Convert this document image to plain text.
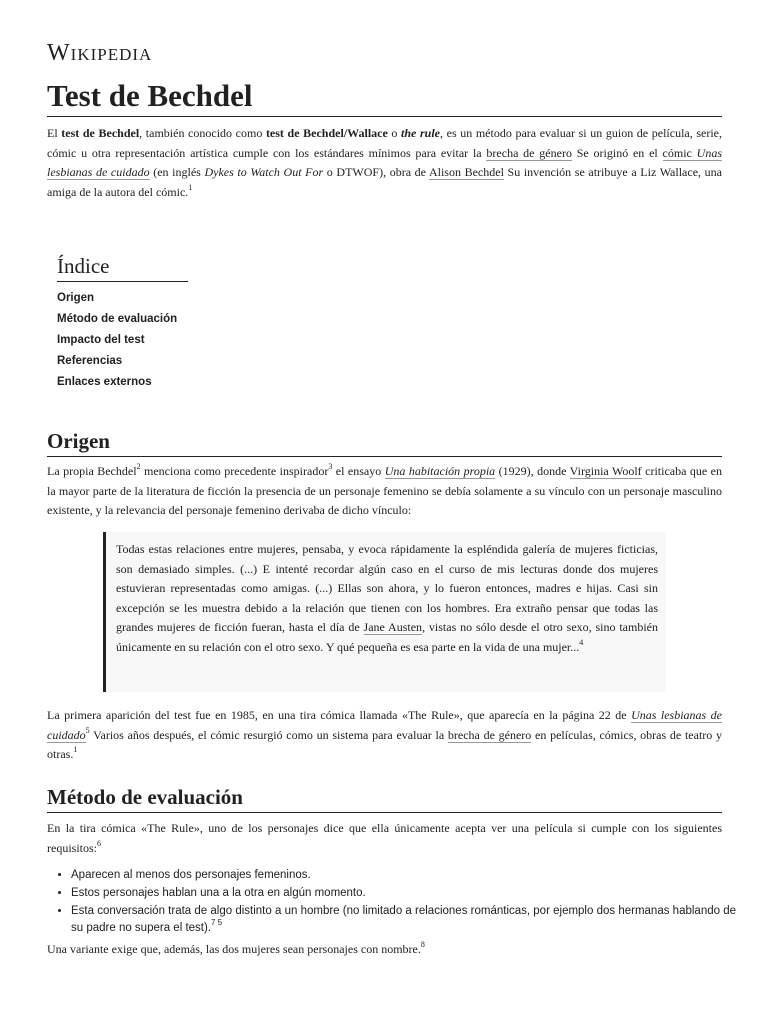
Wikipedia
Test de Bechdel

El test de Bechdel, también conocido como test de Bechdel/Wallace o the rule, es un método para evaluar si un guion de película, serie, cómic u otra representación artística cumple con los estándares mínimos para evitar la brecha de género Se originó en el cómic Unas lesbianas de cuidado (en inglés Dykes to Watch Out For o DTWOF), obra de Alison Bechdel Su invención se atribuye a Liz Wallace, una amiga de la autora del cómic.$^1$

Índice
Origen
Método de evaluación
Impacto del test
Referencias
Enlaces externos
Origen

La propia Bechdel$^2$ menciona como precedente inspirador$^3$ el ensayo Una habitación propia (1929), donde Virginia Woolf criticaba que en la mayor parte de la literatura de ficción la presencia de un personaje femenino se debía solamente a su vínculo con un personaje masculino existente, y la relevancia del personaje femenino derivaba de dicho vínculo:

Todas estas relaciones entre mujeres, pensaba, y evoca rápidamente la espléndida galería de mujeres ficticias, son demasiado simples. (...) E intenté recordar algún caso en el curso de mis lecturas donde dos mujeres estuvieran representadas como amigas. (...) Ellas son ahora, y lo fueron entonces, madres e hijas. Casi sin excepción se les muestra debido a la relación que tienen con los hombres. Era extraño pensar que todas las grandes mujeres de ficción fueran, hasta el día de Jane Austen, vistas no sólo desde el otro sexo, sino también únicamente en su relación con el otro sexo. Y qué pequeña es esa parte en la vida de una mujer...$^4$

La primera aparición del test fue en 1985, en una tira cómica llamada «The Rule», que aparecía en la página 22 de Unas lesbianas de cuidado$^5$ Varios años después, el cómic resurgió como un sistema para evaluar la brecha de género en películas, cómics, obras de teatro y otras.$^1$

Método de evaluación

En la tira cómica «The Rule», uno de los personajes dice que ella únicamente acepta ver una película si cumple con los siguientes requisitos:$^6$

• Aparecen al menos dos personajes femeninos.
• Estos personajes hablan una a la otra en algún momento.
• Esta conversación trata de algo distinto a un hombre (no limitado a relaciones románticas, por ejemplo dos hermanas hablando de su padre no supera el test).$^{7 5}$

Una variante exige que, además, las dos mujeres sean personajes con nombre.$^8$
